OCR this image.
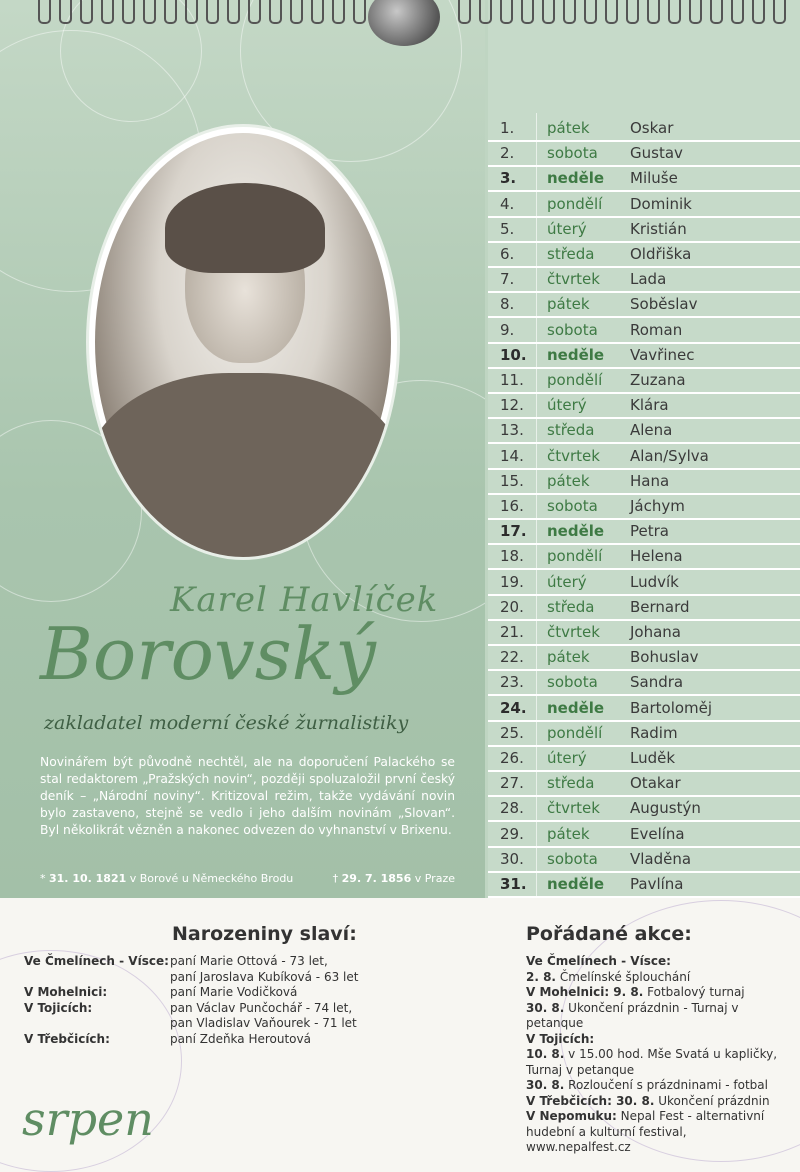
Karel Havlíček
Borovský
zakladatel moderní české žurnalistiky
Novinářem být původně nechtěl, ale na doporučení Palackého se stal redaktorem „Pražských novin“, později spoluzaložil první český deník – „Národní noviny“. Kritizoval režim, takže vydávání novin bylo zastaveno, stejně se vedlo i jeho dalším novinám „Slovan“. Byl několikrát vězněn a nakonec odvezen do vyhnanství v Brixenu.
* 31. 10. 1821 v Borové u Německého Brodu	† 29. 7. 1856 v Praze
1. pátek	Oskar
2. sobota Gustav
3. neděle Miluše
4. pondělí Dominik
5. úterý	Kristián
6. středa Oldřiška
7. čtvrtek Lada
8. pátek	Soběslav
9. sobota Roman
10. neděle Vavřinec
11. pondělí Zuzana
12. úterý	Klára
13. středa Alena
14. čtvrtek Alan/Sylva
15. pátek	Hana
16. sobota Jáchym
17. neděle Petra
18. pondělí Helena
19. úterý	Ludvík
20. středa Bernard
21. čtvrtek Johana
22. pátek	Bohuslav
23. sobota Sandra
24. neděle Bartoloměj
25. pondělí Radim
26. úterý	Luděk
27. středa Otakar
28. čtvrtek Augustýn
29. pátek	Evelína
30. sobota Vladěna
31. neděle Pavlína
Narozeniny slaví:
Ve Čmelínech - Vísce: paní Marie Ottová - 73 let,
paní Jaroslava Kubíková - 63 let
V Mohelnici:	paní Marie Vodičková
V Tojicích:	pan Václav Punčochář - 74 let,
pan Vladislav Vaňourek - 71 let
V Třebčicích:	paní Zdeňka Heroutová
Pořádané akce:
Ve Čmelínech - Vísce:
2. 8. Čmelínské šplouchání
V Mohelnici: 9. 8. Fotbalový turnaj
30. 8. Ukončení prázdnin - Turnaj v petanque
V Tojicích:
10. 8. v 15.00 hod. Mše Svatá u kapličky,
Turnaj v petanque
30. 8. Rozloučení s prázdninami - fotbal
V Třebčicích: 30. 8. Ukončení prázdnin
V Nepomuku: Nepal Fest - alternativní
hudební a kulturní festival, www.nepalfest.cz
srpen
